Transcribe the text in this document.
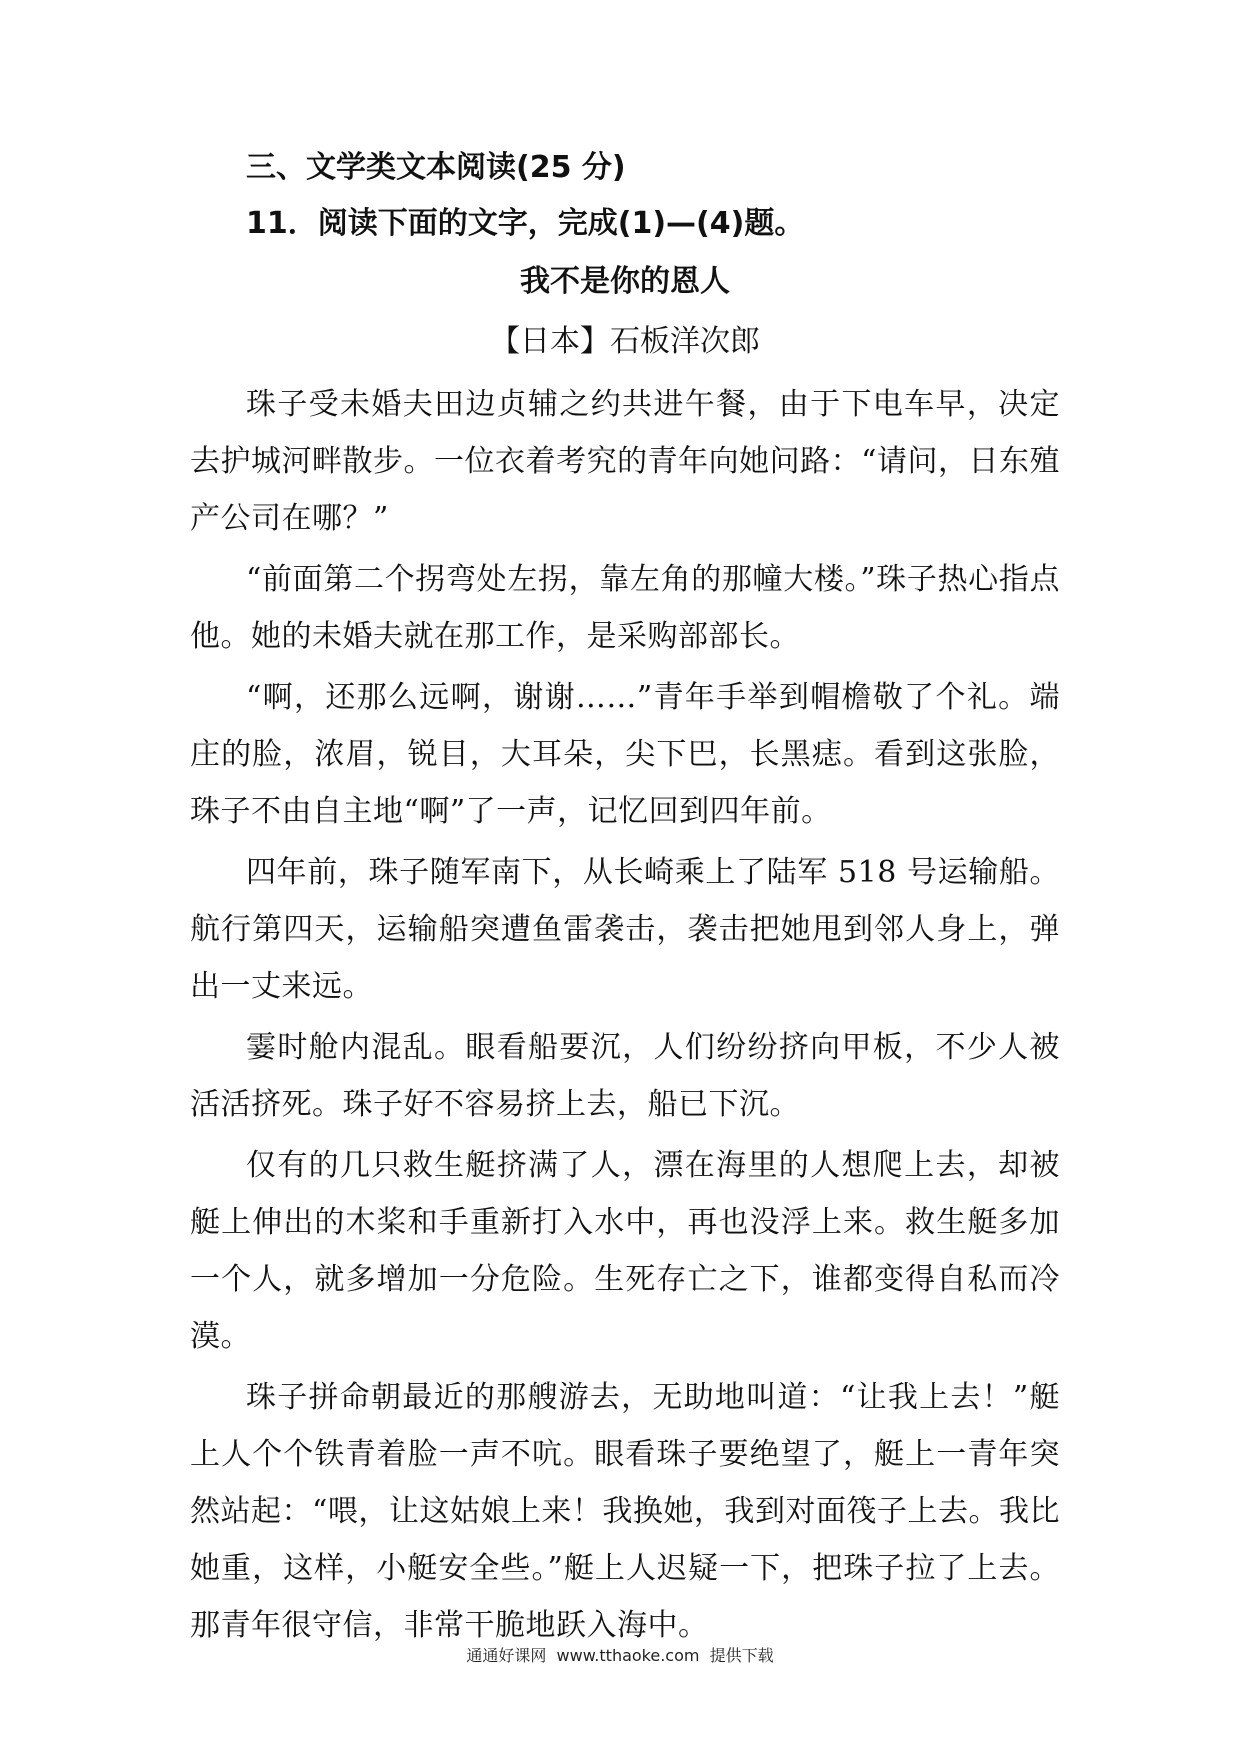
三、文学类文本阅读(25 分)
11．阅读下面的文字，完成(1)—(4)题。
我不是你的恩人
【日本】石板洋次郎

珠子受未婚夫田边贞辅之约共进午餐，由于下电车早，决定去护城河畔散步。一位衣着考究的青年向她问路：“请问，日东殖产公司在哪？”

“前面第二个拐弯处左拐，靠左角的那幢大楼。”珠子热心指点他。她的未婚夫就在那工作，是采购部部长。

“啊，还那么远啊，谢谢……”青年手举到帽檐敬了个礼。端庄的脸，浓眉，锐目，大耳朵，尖下巴，长黑痣。看到这张脸，珠子不由自主地“啊”了一声，记忆回到四年前。

四年前，珠子随军南下，从长崎乘上了陆军 518 号运输船。航行第四天，运输船突遭鱼雷袭击，袭击把她甩到邻人身上，弹出一丈来远。

霎时舱内混乱。眼看船要沉，人们纷纷挤向甲板，不少人被活活挤死。珠子好不容易挤上去，船已下沉。

仅有的几只救生艇挤满了人，漂在海里的人想爬上去，却被艇上伸出的木桨和手重新打入水中，再也没浮上来。救生艇多加一个人，就多增加一分危险。生死存亡之下，谁都变得自私而冷漠。

珠子拼命朝最近的那艘游去，无助地叫道：“让我上去！”艇上人个个铁青着脸一声不吭。眼看珠子要绝望了，艇上一青年突然站起：“喂，让这姑娘上来！我换她，我到对面筏子上去。我比她重，这样，小艇安全些。”艇上人迟疑一下，把珠子拉了上去。那青年很守信，非常干脆地跃入海中。

通通好课网  www.tthaoke.com  提供下载
